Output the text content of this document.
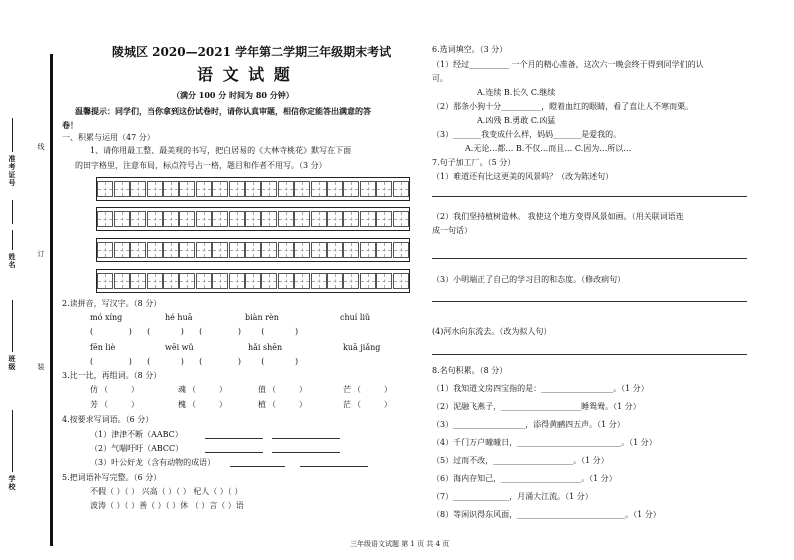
准考证号
线
姓名
订
班级	装
学校
陵城区 2020—2021 学年第二学期三年级期末考试
语 文 试 题
（满分 100 分 时间为 80 分钟）
温馨提示：同学们，当你拿到这份试卷时，请你认真审题，相信你定能答出满意的答
卷！
一、积累与运用（47 分）
1、请你用最工整、最美观的书写，把白居易的《大林寺桃花》默写在下面
的田字格里，注意布局，标点符号占一格，题目和作者不用写。（3 分）
2.读拼音，写汉字。（8 分）
mó xíng	hé huā	biàn rèn	chuí liǔ
(              )      (            )      (              )        (            )
fēn liè	wēi wǔ	hǎi shēn	kuā jiǎng
(              )      (            )      (              )        (            )
3.比一比，再组词。（8 分）
仿	魂	值	芒
（         ）	（         ）	（         ）	（         ）
芳	槐	植	茫
（         ）	（         ）	（         ）	（         ）
4.按要求写词语。（6 分）
（1）津津不断（AABC）
（2）气喘吁吁（ABCC）
（3）叶公好龙（含有动物的成语）
5.把词语补写完整。（6 分）
不假（ ）（ ） 兴高（ ）（ ） 杞人（ ）（ ）
波涛（ ）（ ）善（ ）（ ）休 （ ）言（ ）语
6.选词填空。（3 分）
（1）经过__________ 一个月的精心准备，这次六一晚会终于得到同学们的认
可。
A.连续 B.长久 C.继续
（2）那条小狗十分__________，瞪着血红的眼睛，看了直让人不寒而栗。
A.凶残 B.勇敢 C.凶猛
（3）_______我变成什么样，妈妈_______是爱我的。
A.无论…都… B.不仅…而且… C.因为…所以…
7.句子加工厂。（5 分）
（1）难道还有比这更美的风景吗？（改为陈述句）
（2）我们坚持植树造林。 我使这个地方变得风景如画。（用关联词语连
成一句话）
（3）小明端正了自己的学习目的和态度。（修改病句）
(4)河水向东流去。（改为拟人句）
8.名句积累。（8 分）
（1）我知道文房四宝指的是：__________________。（1 分）
（2）泥融飞燕子，____________________睡鸳鸯。（1 分）
（3）__________________，添得黄鹂四五声。（1 分）
（4）千门万户曈曈日，__________________________。（1 分）
（5）过而不改，____________________。（1 分）
（6）海内存知己，____________________。（1 分）
（7）______________，月涌大江流。（1 分）
（8）等闲识得东风面，___________________________。（1 分）
三年级语文试题 第 1 页 共 4 页
